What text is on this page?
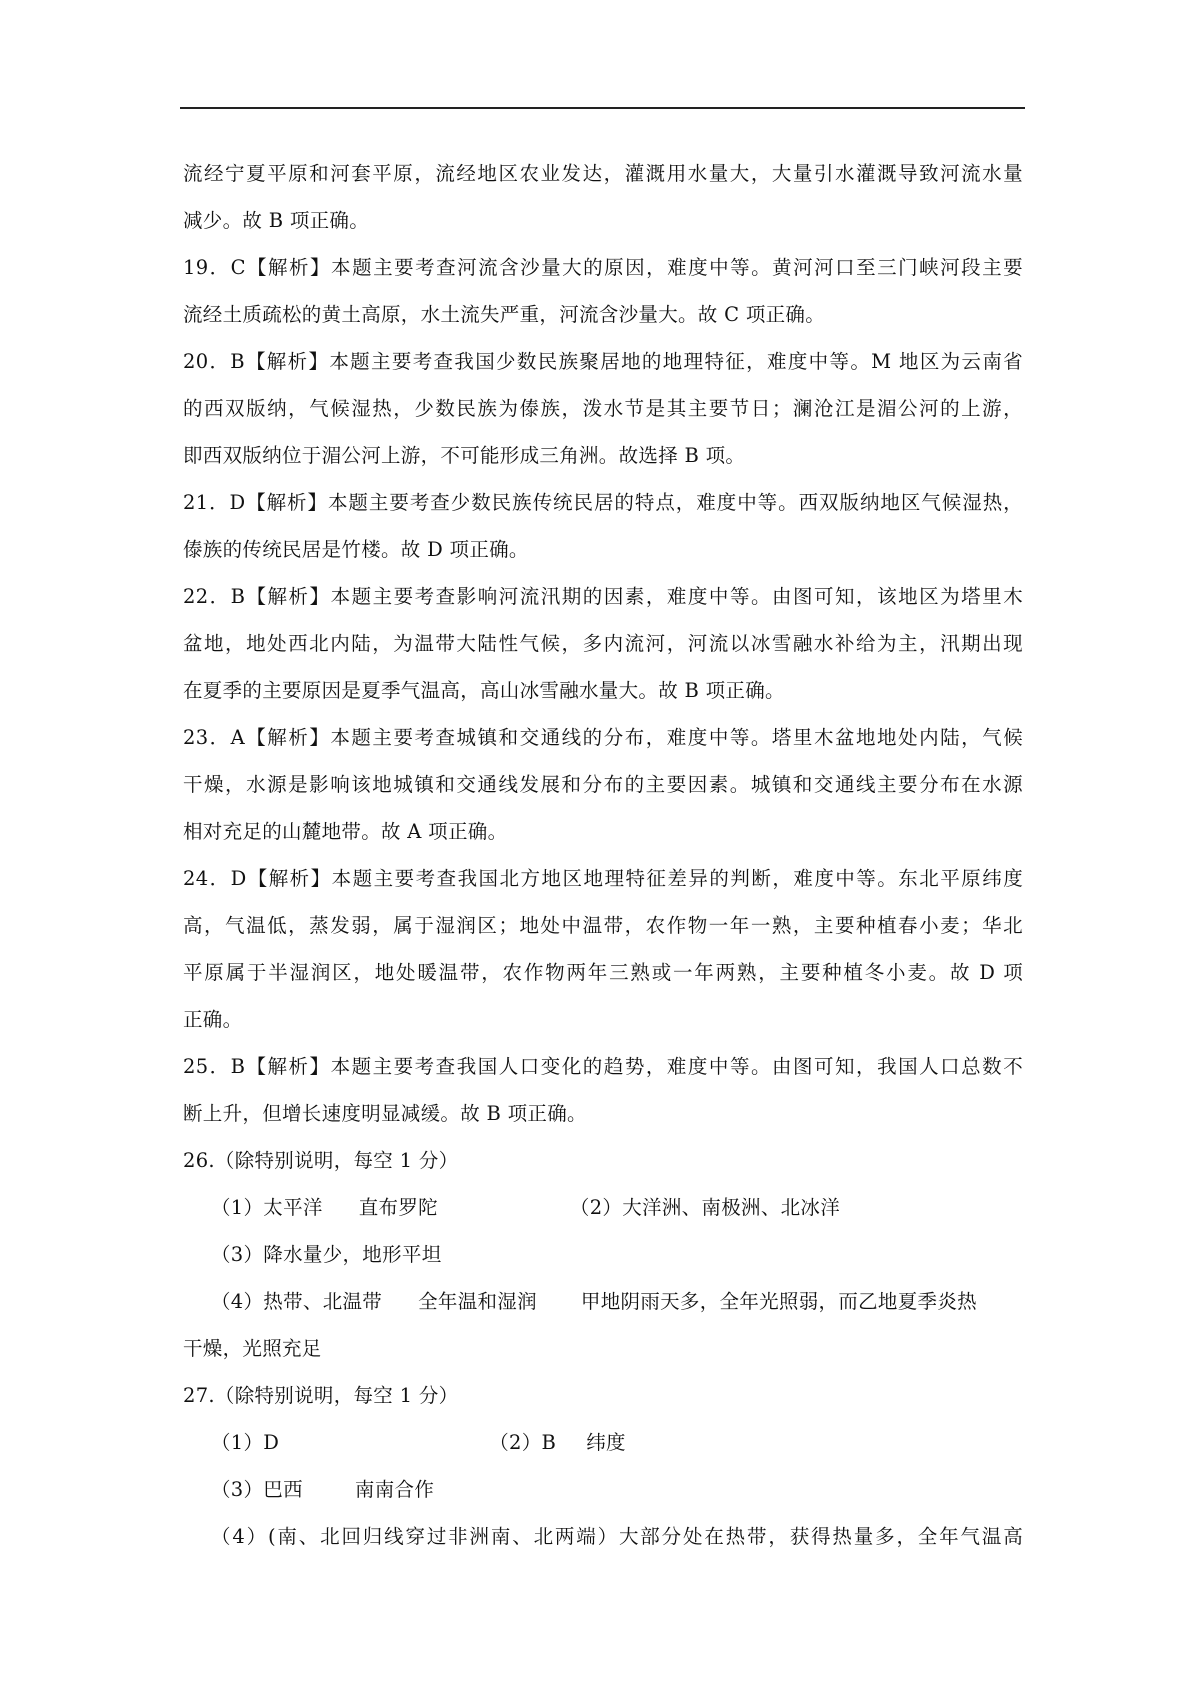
流经宁夏平原和河套平原，流经地区农业发达，灌溉用水量大，大量引水灌溉导致河流水量
减少。故 B 项正确。
19．C【解析】本题主要考查河流含沙量大的原因，难度中等。黄河河口至三门峡河段主要
流经土质疏松的黄土高原，水土流失严重，河流含沙量大。故 C 项正确。
20．B【解析】本题主要考查我国少数民族聚居地的地理特征，难度中等。M 地区为云南省
的西双版纳，气候湿热，少数民族为傣族，泼水节是其主要节日；澜沧江是湄公河的上游，
即西双版纳位于湄公河上游，不可能形成三角洲。故选择 B 项。
21．D【解析】本题主要考查少数民族传统民居的特点，难度中等。西双版纳地区气候湿热，
傣族的传统民居是竹楼。故 D 项正确。
22．B【解析】本题主要考查影响河流汛期的因素，难度中等。由图可知，该地区为塔里木
盆地，地处西北内陆，为温带大陆性气候，多内流河，河流以冰雪融水补给为主，汛期出现
在夏季的主要原因是夏季气温高，高山冰雪融水量大。故 B 项正确。
23．A【解析】本题主要考查城镇和交通线的分布，难度中等。塔里木盆地地处内陆，气候
干燥，水源是影响该地城镇和交通线发展和分布的主要因素。城镇和交通线主要分布在水源
相对充足的山麓地带。故 A 项正确。
24．D【解析】本题主要考查我国北方地区地理特征差异的判断，难度中等。东北平原纬度
高，气温低，蒸发弱，属于湿润区；地处中温带，农作物一年一熟，主要种植春小麦；华北
平原属于半湿润区，地处暖温带，农作物两年三熟或一年两熟，主要种植冬小麦。故 D 项
正确。
25．B【解析】本题主要考查我国人口变化的趋势，难度中等。由图可知，我国人口总数不
断上升，但增长速度明显减缓。故 B 项正确。
26.（除特别说明，每空 1 分）
（1）太平洋 直布罗陀	（2）大洋洲、南极洲、北冰洋
（3）降水量少，地形平坦
（4）热带、北温带 全年温和湿润 甲地阴雨天多，全年光照弱，而乙地夏季炎热
干燥，光照充足
27.（除特别说明，每空 1 分）
（1）D	（2）B 纬度
（3）巴西	南南合作
（4）(南、北回归线穿过非洲南、北两端）大部分处在热带，获得热量多，全年气温高
